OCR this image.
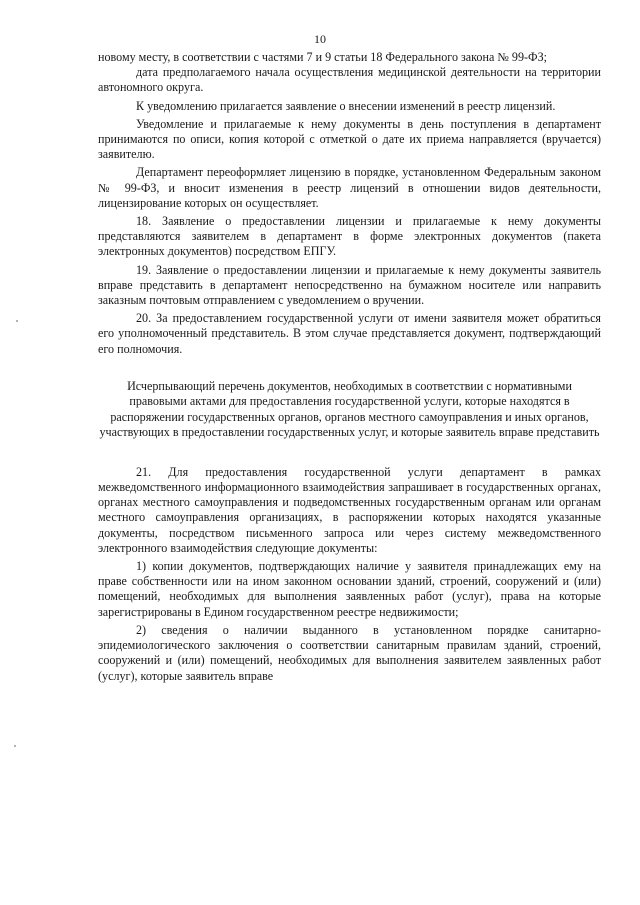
10

новому месту, в соответствии с частями 7 и 9 статьи 18 Федерального закона № 99-ФЗ;

дата предполагаемого начала осуществления медицинской деятельности на территории автономного округа.

К уведомлению прилагается заявление о внесении изменений в реестр лицензий.

Уведомление и прилагаемые к нему документы в день поступления в департамент принимаются по описи, копия которой с отметкой о дате их приема направляется (вручается) заявителю.

Департамент переоформляет лицензию в порядке, установленном Федеральным законом № 99-ФЗ, и вносит изменения в реестр лицензий в отношении видов деятельности, лицензирование которых он осуществляет.

18. Заявление о предоставлении лицензии и прилагаемые к нему документы представляются заявителем в департамент в форме электронных документов (пакета электронных документов) посредством ЕПГУ.

19. Заявление о предоставлении лицензии и прилагаемые к нему документы заявитель вправе представить в департамент непосредственно на бумажном носителе или направить заказным почтовым отправлением с уведомлением о вручении.

20. За предоставлением государственной услуги от имени заявителя может обратиться его уполномоченный представитель. В этом случае представляется документ, подтверждающий его полномочия.

Исчерпывающий перечень документов, необходимых в соответствии с нормативными правовыми актами для предоставления государственной услуги, которые находятся в распоряжении государственных органов, органов местного самоуправления и иных органов, участвующих в предоставлении государственных услуг, и которые заявитель вправе представить

21. Для предоставления государственной услуги департамент в рамках межведомственного информационного взаимодействия запрашивает в государственных органах, органах местного самоуправления и подведомственных государственным органам или органам местного самоуправления организациях, в распоряжении которых находятся указанные документы, посредством письменного запроса или через систему межведомственного электронного взаимодействия следующие документы:

1) копии документов, подтверждающих наличие у заявителя принадлежащих ему на праве собственности или на ином законном основании зданий, строений, сооружений и (или) помещений, необходимых для выполнения заявленных работ (услуг), права на которые зарегистрированы в Едином государственном реестре недвижимости;

2) сведения о наличии выданного в установленном порядке санитарно-эпидемиологического заключения о соответствии санитарным правилам зданий, строений, сооружений и (или) помещений, необходимых для выполнения заявителем заявленных работ (услуг), которые заявитель вправе
